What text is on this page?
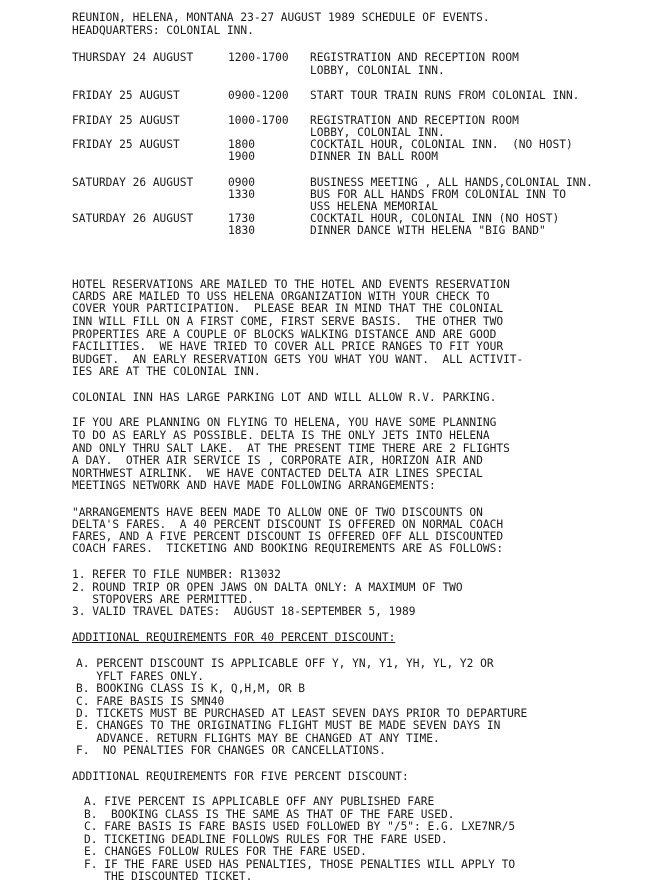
REUNION, HELENA, MONTANA 23-27 AUGUST 1989 SCHEDULE OF EVENTS.
HEADQUARTERS: COLONIAL INN.
THURSDAY 24 AUGUST	1200-1700 REGISTRATION AND RECEPTION ROOM
LOBBY, COLONIAL INN.
FRIDAY 25 AUGUST	0900-1200 START TOUR TRAIN RUNS FROM COLONIAL INN.
FRIDAY 25 AUGUST	1000-1700 REGISTRATION AND RECEPTION ROOM
LOBBY, COLONIAL INN.
FRIDAY 25 AUGUST	1800	COCKTAIL HOUR, COLONIAL INN.  (NO HOST)
1900	DINNER IN BALL ROOM
SATURDAY 26 AUGUST	0900	BUSINESS MEETING , ALL HANDS,COLONIAL INN.
1330	BUS FOR ALL HANDS FROM COLONIAL INN TO
USS HELENA MEMORIAL
SATURDAY 26 AUGUST	1730	COCKTAIL HOUR, COLONIAL INN (NO HOST)
1830	DINNER DANCE WITH HELENA "BIG BAND"
HOTEL RESERVATIONS ARE MAILED TO THE HOTEL AND EVENTS RESERVATION
CARDS ARE MAILED TO USS HELENA ORGANIZATION WITH YOUR CHECK TO
COVER YOUR PARTICIPATION.  PLEASE BEAR IN MIND THAT THE COLONIAL
INN WILL FILL ON A FIRST COME, FIRST SERVE BASIS.  THE OTHER TWO
PROPERTIES ARE A COUPLE OF BLOCKS WALKING DISTANCE AND ARE GOOD
FACILITIES.  WE HAVE TRIED TO COVER ALL PRICE RANGES TO FIT YOUR
BUDGET.  AN EARLY RESERVATION GETS YOU WHAT YOU WANT.  ALL ACTIVIT-
IES ARE AT THE COLONIAL INN.
COLONIAL INN HAS LARGE PARKING LOT AND WILL ALLOW R.V. PARKING.
IF YOU ARE PLANNING ON FLYING TO HELENA, YOU HAVE SOME PLANNING
TO DO AS EARLY AS POSSIBLE. DELTA IS THE ONLY JETS INTO HELENA
AND ONLY THRU SALT LAKE.  AT THE PRESENT TIME THERE ARE 2 FLIGHTS
A DAY.  OTHER AIR SERVICE IS , CORPORATE AIR, HORIZON AIR AND
NORTHWEST AIRLINK.  WE HAVE CONTACTED DELTA AIR LINES SPECIAL
MEETINGS NETWORK AND HAVE MADE FOLLOWING ARRANGEMENTS:
"ARRANGEMENTS HAVE BEEN MADE TO ALLOW ONE OF TWO DISCOUNTS ON
DELTA'S FARES.  A 40 PERCENT DISCOUNT IS OFFERED ON NORMAL COACH
FARES, AND A FIVE PERCENT DISCOUNT IS OFFERED OFF ALL DISCOUNTED
COACH FARES.  TICKETING AND BOOKING REQUIREMENTS ARE AS FOLLOWS:
1. REFER TO FILE NUMBER: R13032
2. ROUND TRIP OR OPEN JAWS ON DALTA ONLY: A MAXIMUM OF TWO
STOPOVERS ARE PERMITTED.
3. VALID TRAVEL DATES:  AUGUST 18-SEPTEMBER 5, 1989
ADDITIONAL REQUIREMENTS FOR 40 PERCENT DISCOUNT:
A. PERCENT DISCOUNT IS APPLICABLE OFF Y, YN, Y1, YH, YL, Y2 OR
YFLT FARES ONLY.
B. BOOKING CLASS IS K, Q,H,M, OR B
C. FARE BASIS IS SMN40
D. TICKETS MUST BE PURCHASED AT LEAST SEVEN DAYS PRIOR TO DEPARTURE
E. CHANGES TO THE ORIGINATING FLIGHT MUST BE MADE SEVEN DAYS IN
ADVANCE. RETURN FLIGHTS MAY BE CHANGED AT ANY TIME.
F.  NO PENALTIES FOR CHANGES OR CANCELLATIONS.
ADDITIONAL REQUIREMENTS FOR FIVE PERCENT DISCOUNT:
A. FIVE PERCENT IS APPLICABLE OFF ANY PUBLISHED FARE
B.  BOOKING CLASS IS THE SAME AS THAT OF THE FARE USED.
C. FARE BASIS IS FARE BASIS USED FOLLOWED BY "/5": E.G. LXE7NR/5
D. TICKETING DEADLINE FOLLOWS RULES FOR THE FARE USED.
E. CHANGES FOLLOW RULES FOR THE FARE USED.
F. IF THE FARE USED HAS PENALTIES, THOSE PENALTIES WILL APPLY TO
THE DISCOUNTED TICKET.
